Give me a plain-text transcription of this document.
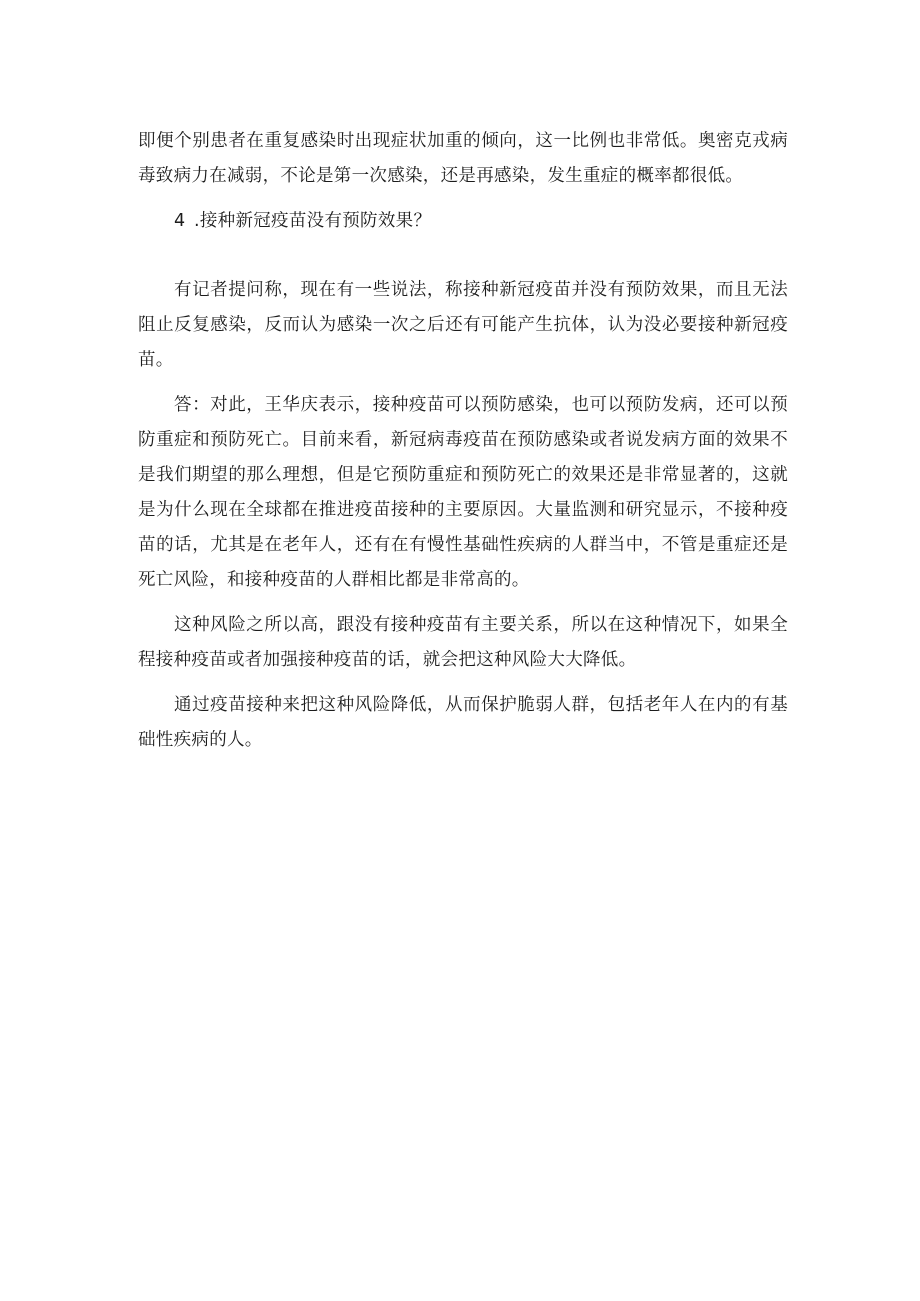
即便个别患者在重复感染时出现症状加重的倾向，这一比例也非常低。奥密克戎病毒致病力在减弱，不论是第一次感染，还是再感染，发生重症的概率都很低。

4 .接种新冠疫苗没有预防效果？

有记者提问称，现在有一些说法，称接种新冠疫苗并没有预防效果，而且无法阻止反复感染，反而认为感染一次之后还有可能产生抗体，认为没必要接种新冠疫苗。

答：对此，王华庆表示，接种疫苗可以预防感染，也可以预防发病，还可以预防重症和预防死亡。目前来看，新冠病毒疫苗在预防感染或者说发病方面的效果不是我们期望的那么理想，但是它预防重症和预防死亡的效果还是非常显著的，这就是为什么现在全球都在推进疫苗接种的主要原因。大量监测和研究显示，不接种疫苗的话，尤其是在老年人，还有在有慢性基础性疾病的人群当中，不管是重症还是死亡风险，和接种疫苗的人群相比都是非常高的。

这种风险之所以高，跟没有接种疫苗有主要关系，所以在这种情况下，如果全程接种疫苗或者加强接种疫苗的话，就会把这种风险大大降低。

通过疫苗接种来把这种风险降低，从而保护脆弱人群，包括老年人在内的有基础性疾病的人。
